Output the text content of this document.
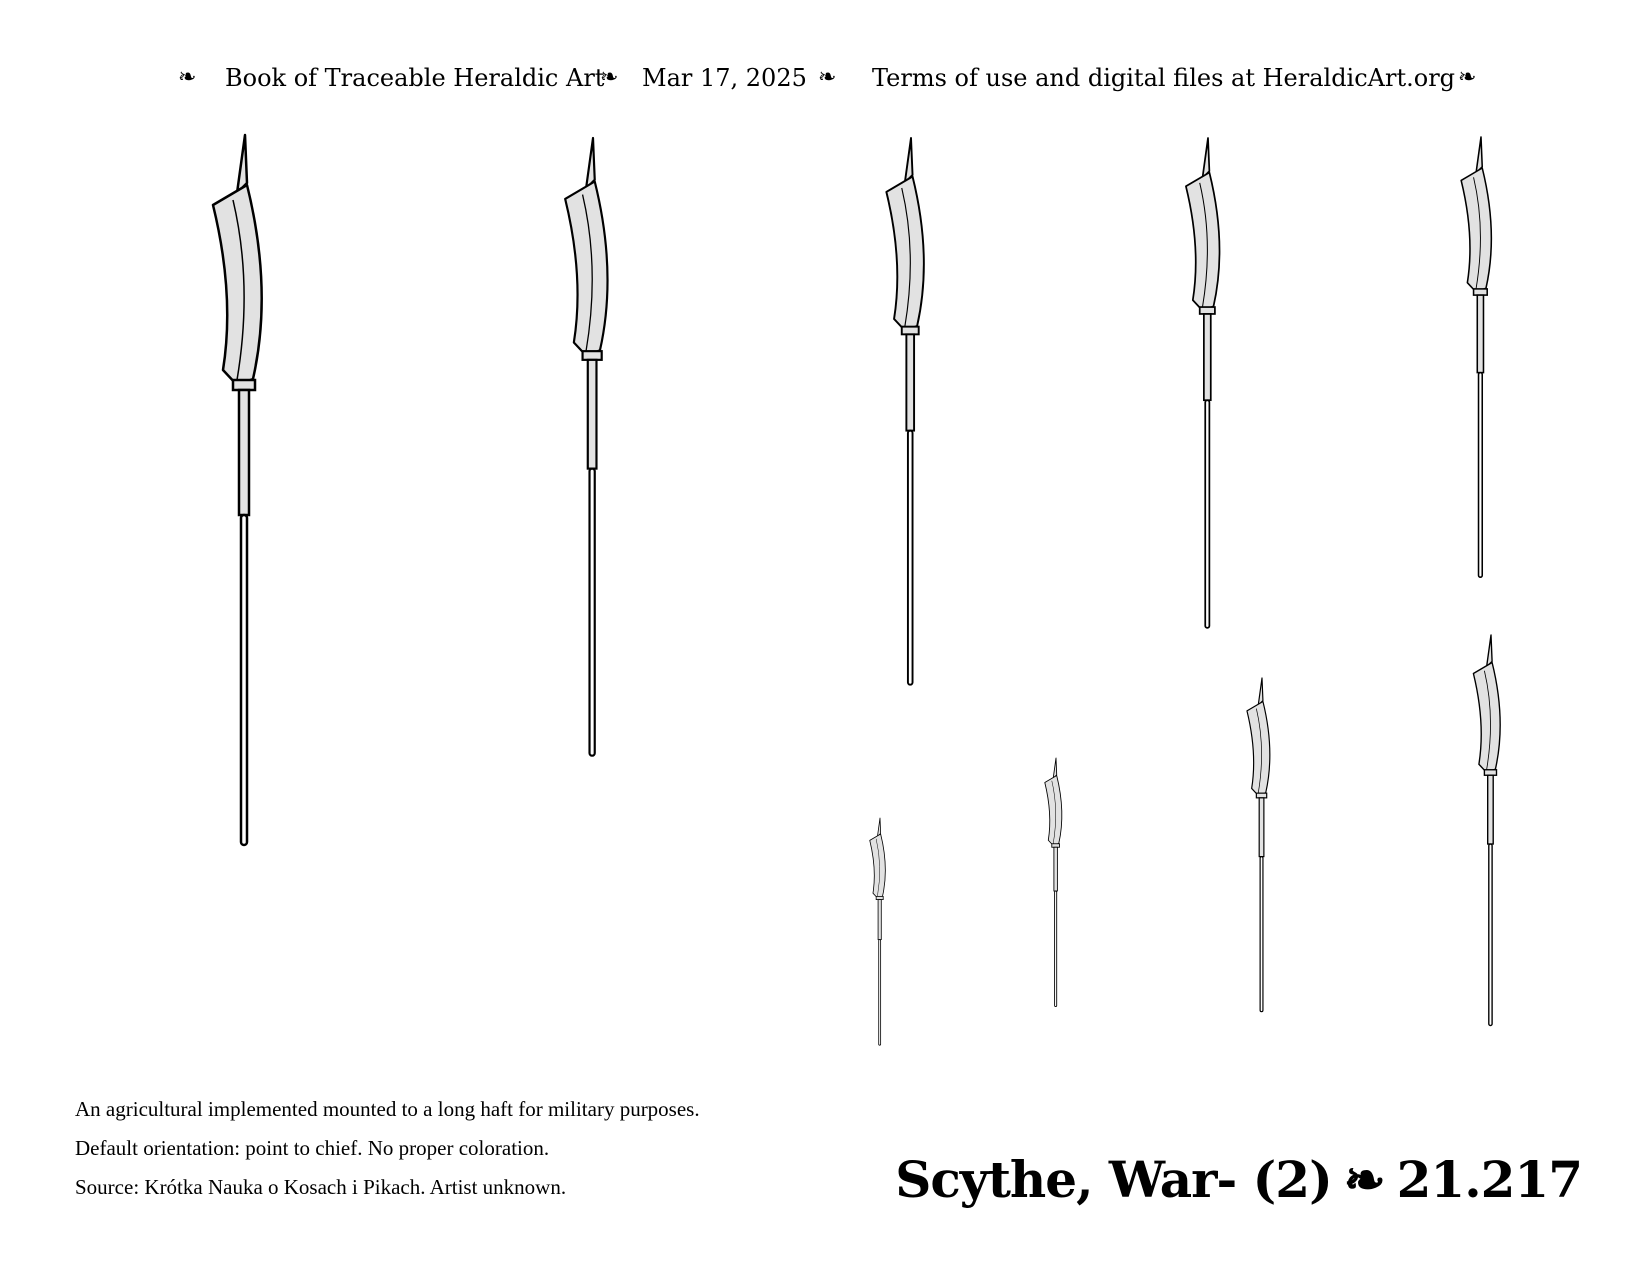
❧ Book of Traceable Heraldic Art
❧ Mar 17, 2025 ❧ Terms of use and digital files at HeraldicArt.org ❧
An agricultural implemented mounted to a long haft for military purposes.
Default orientation: point to chief. No proper coloration.
Source: Krótka Nauka o Kosach i Pikach. Artist unknown.	Scythe, War- (2) ❧ 21.217
